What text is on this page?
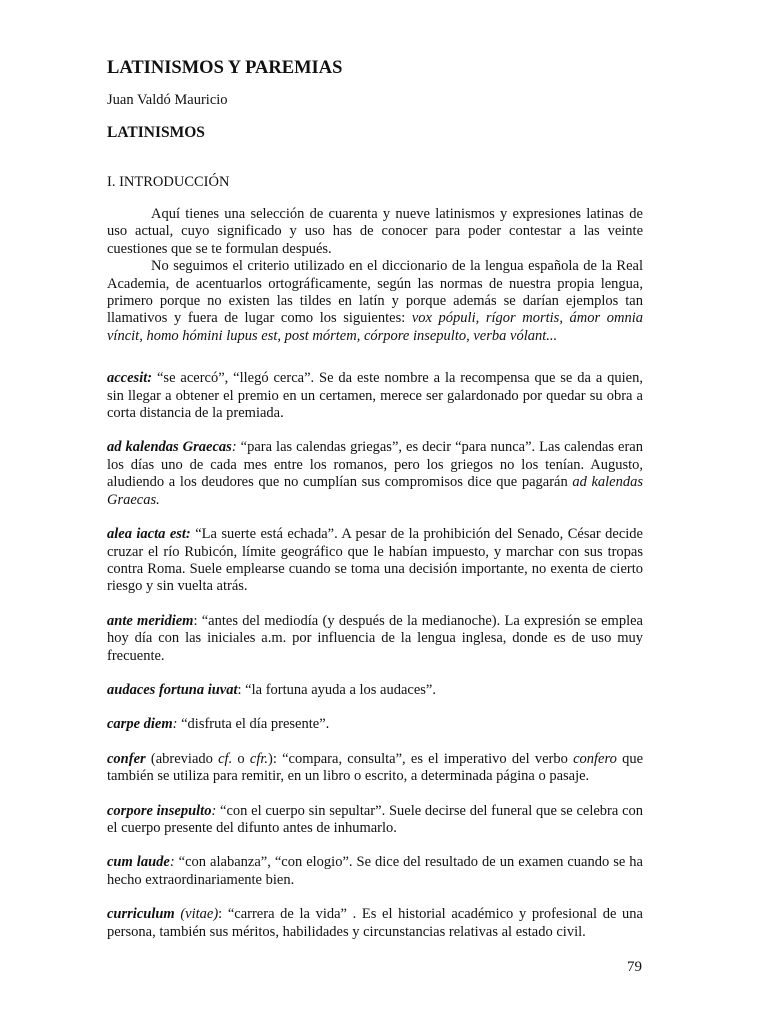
LATINISMOS Y PAREMIAS
Juan Valdó Mauricio
LATINISMOS
I. INTRODUCCIÓN

Aquí tienes una selección de cuarenta y nueve latinismos y expresiones latinas de uso actual, cuyo significado y uso has de conocer para poder contestar a las veinte cuestiones que se te formulan después.

No seguimos el criterio utilizado en el diccionario de la lengua española de la Real Academia, de acentuarlos ortográficamente, según las normas de nuestra propia lengua, primero porque no existen las tildes en latín y porque además se darían ejemplos tan llamativos y fuera de lugar como los siguientes: vox pópuli, rígor mortis, ámor omnia víncit, homo hómini lupus est, post mórtem, córpore insepulto, verba vólant...

accesit: “se acercó”, “llegó cerca”. Se da este nombre a la recompensa que se da a quien, sin llegar a obtener el premio en un certamen, merece ser galardonado por quedar su obra a corta distancia de la premiada.

ad kalendas Graecas: “para las calendas griegas”, es decir “para nunca”. Las calendas eran los días uno de cada mes entre los romanos, pero los griegos no los tenían. Augusto, aludiendo a los deudores que no cumplían sus compromisos dice que pagarán ad kalendas Graecas.

alea iacta est: “La suerte está echada”. A pesar de la prohibición del Senado, César decide cruzar el río Rubicón, límite geográfico que le habían impuesto, y marchar con sus tropas contra Roma. Suele emplearse cuando se toma una decisión importante, no exenta de cierto riesgo y sin vuelta atrás.

ante meridiem: “antes del mediodía (y después de la medianoche). La expresión se emplea hoy día con las iniciales a.m. por influencia de la lengua inglesa, donde es de uso muy frecuente.

audaces fortuna iuvat: “la fortuna ayuda a los audaces”.

carpe diem: “disfruta el día presente”.

confer (abreviado cf. o cfr.): “compara, consulta”, es el imperativo del verbo confero que también se utiliza para remitir, en un libro o escrito, a determinada página o pasaje.

corpore insepulto: “con el cuerpo sin sepultar”. Suele decirse del funeral que se celebra con el cuerpo presente del difunto antes de inhumarlo.

cum laude: “con alabanza”, “con elogio”. Se dice del resultado de un examen cuando se ha hecho extraordinariamente bien.

curriculum (vitae): “carrera de la vida” . Es el historial académico y profesional de una persona, también sus méritos, habilidades y circunstancias relativas al estado civil.

79
